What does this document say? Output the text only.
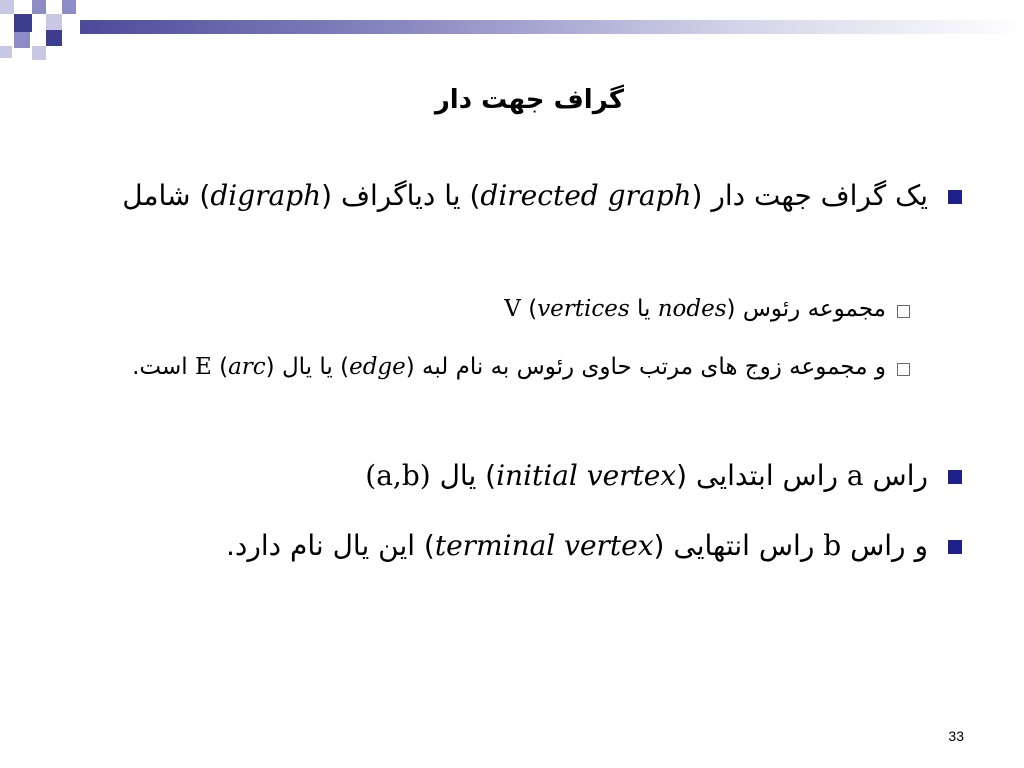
گراف جهت دار
یک گراف جهت دار (directed graph) یا دیاگراف (digraph) شامل
مجموعه رئوس (nodes یا vertices) V
و مجموعه زوج های مرتب حاوی رئوس به نام لبه (edge) یا یال (arc) E است.
راس a راس ابتدایی (initial vertex) یال (a,b)
و راس b راس انتهایی (terminal vertex) این یال نام دارد.
33
